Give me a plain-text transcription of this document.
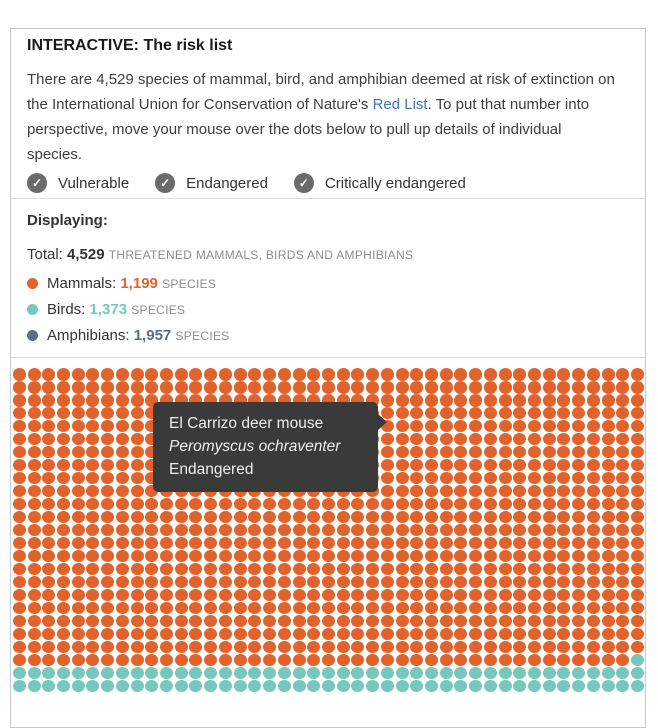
INTERACTIVE: The risk list

There are 4,529 species of mammal, bird, and amphibian deemed at risk of extinction on the International Union for Conservation of Nature's Red List. To put that number into perspective, move your mouse over the dots below to pull up details of individual species.

✓	Vulnerable	✓	Endangered	✓	Critically endangered
Displaying:
Total: 4,529 THREATENED MAMMALS, BIRDS AND AMPHIBIANS
Mammals: 1,199 SPECIES
Birds: 1,373 SPECIES
Amphibians: 1,957 SPECIES
El Carrizo deer mouse
Peromyscus ochraventer
Endangered
